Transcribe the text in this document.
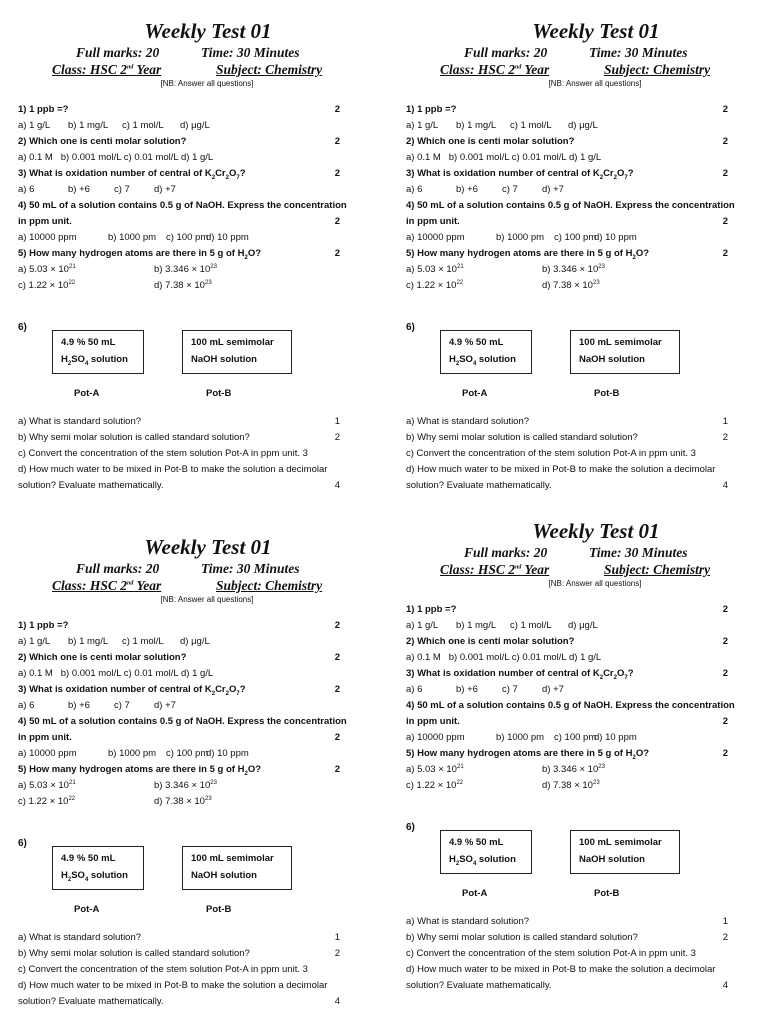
Weekly Test 01
Full marks: 20	Time: 30 Minutes
Class: HSC 2nd Year	Subject: Chemistry
[NB: Answer all questions]
1) 1 ppb =?	2
a) 1 g/L b) 1 mg/L c) 1 mol/L d) μg/L
2) Which one is centi molar solution?	2
a) 0.1 M   b) 0.001 mol/L c) 0.01 mol/L d) 1 g/L
3) What is oxidation number of central of $K_2Cr_2O_7$?	2
a) 6	b) +6	c) 7	d) +7
4) 50 mL of a solution contains 0.5 g of NaOH. Express the concentration
in ppm unit.	2
a) 10000 ppm	b) 1000 pm c) 100 pm
d) 10 ppm
5) How many hydrogen atoms are there in 5 g of $H_2O$?	2
a) $5.03 \times 10^{21}$	b) $3.346 \times 10^{23}$
c) $1.22 \times 10^{22}$	d) $7.38 \times 10^{23}$
6)
4.9 % 50 mL
$H_2SO_4$ solution
100 mL semimolar
NaOH solution
Pot-A	Pot-B
a) What is standard solution?	1
b) Why semi molar solution is called standard solution?	2
c) Convert the concentration of the stem solution Pot-A in ppm unit. 3
d) How much water to be mixed in Pot-B to make the solution a decimolar
solution? Evaluate mathematically.	4
Weekly Test 01
Full marks: 20	Time: 30 Minutes
Class: HSC 2nd Year	Subject: Chemistry
[NB: Answer all questions]
1) 1 ppb =?	2
a) 1 g/L b) 1 mg/L c) 1 mol/L d) μg/L
2) Which one is centi molar solution?	2
a) 0.1 M   b) 0.001 mol/L c) 0.01 mol/L d) 1 g/L
3) What is oxidation number of central of $K_2Cr_2O_7$?	2
a) 6	b) +6	c) 7	d) +7
4) 50 mL of a solution contains 0.5 g of NaOH. Express the concentration
in ppm unit.	2
a) 10000 ppm	b) 1000 pm c) 100 pm
d) 10 ppm
5) How many hydrogen atoms are there in 5 g of $H_2O$?	2
a) $5.03 \times 10^{21}$	b) $3.346 \times 10^{23}$
c) $1.22 \times 10^{22}$	d) $7.38 \times 10^{23}$
6)
4.9 % 50 mL
$H_2SO_4$ solution
100 mL semimolar
NaOH solution
Pot-A	Pot-B
a) What is standard solution?	1
b) Why semi molar solution is called standard solution?	2
c) Convert the concentration of the stem solution Pot-A in ppm unit. 3
d) How much water to be mixed in Pot-B to make the solution a decimolar
solution? Evaluate mathematically.	4
Weekly Test 01
Full marks: 20	Time: 30 Minutes
Class: HSC 2nd Year	Subject: Chemistry
[NB: Answer all questions]
1) 1 ppb =?	2
a) 1 g/L b) 1 mg/L c) 1 mol/L d) μg/L
2) Which one is centi molar solution?	2
a) 0.1 M   b) 0.001 mol/L c) 0.01 mol/L d) 1 g/L
3) What is oxidation number of central of $K_2Cr_2O_7$?	2
a) 6	b) +6	c) 7	d) +7
4) 50 mL of a solution contains 0.5 g of NaOH. Express the concentration
in ppm unit.	2
a) 10000 ppm	b) 1000 pm c) 100 pm
d) 10 ppm
5) How many hydrogen atoms are there in 5 g of $H_2O$?	2
a) $5.03 \times 10^{21}$	b) $3.346 \times 10^{23}$
c) $1.22 \times 10^{22}$	d) $7.38 \times 10^{23}$
6)
4.9 % 50 mL
$H_2SO_4$ solution
100 mL semimolar
NaOH solution
Pot-A	Pot-B
a) What is standard solution?	1
b) Why semi molar solution is called standard solution?	2
c) Convert the concentration of the stem solution Pot-A in ppm unit. 3
d) How much water to be mixed in Pot-B to make the solution a decimolar
solution? Evaluate mathematically.	4
Weekly Test 01
Full marks: 20	Time: 30 Minutes
Class: HSC 2nd Year	Subject: Chemistry
[NB: Answer all questions]
1) 1 ppb =?	2
a) 1 g/L b) 1 mg/L c) 1 mol/L d) μg/L
2) Which one is centi molar solution?	2
a) 0.1 M   b) 0.001 mol/L c) 0.01 mol/L d) 1 g/L
3) What is oxidation number of central of $K_2Cr_2O_7$?	2
a) 6	b) +6	c) 7	d) +7
4) 50 mL of a solution contains 0.5 g of NaOH. Express the concentration
in ppm unit.	2
a) 10000 ppm	b) 1000 pm c) 100 pm
d) 10 ppm
5) How many hydrogen atoms are there in 5 g of $H_2O$?	2
a) $5.03 \times 10^{21}$	b) $3.346 \times 10^{23}$
c) $1.22 \times 10^{22}$	d) $7.38 \times 10^{23}$
6)
4.9 % 50 mL
$H_2SO_4$ solution
100 mL semimolar
NaOH solution
Pot-A	Pot-B
a) What is standard solution?	1
b) Why semi molar solution is called standard solution?	2
c) Convert the concentration of the stem solution Pot-A in ppm unit. 3
d) How much water to be mixed in Pot-B to make the solution a decimolar
solution? Evaluate mathematically.	4
